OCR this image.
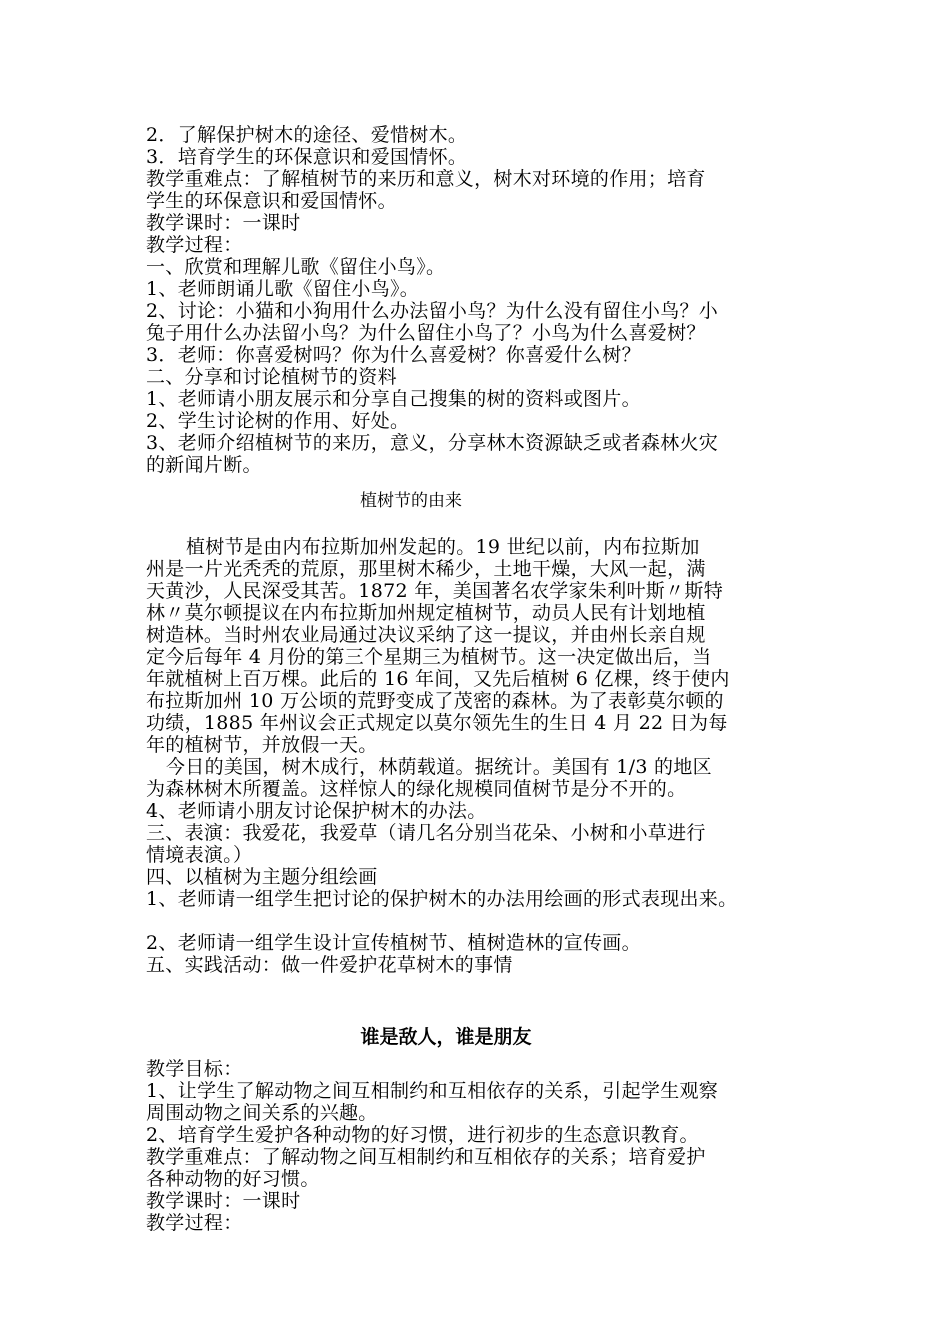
2．了解保护树木的途径、爱惜树木。
3．培育学生的环保意识和爱国情怀。
教学重难点：了解植树节的来历和意义，树木对环境的作用；培育
学生的环保意识和爱国情怀。
教学课时：一课时
教学过程：
一、欣赏和理解儿歌《留住小鸟》。
1、老师朗诵儿歌《留住小鸟》。
2、讨论：小猫和小狗用什么办法留小鸟？为什么没有留住小鸟？小
兔子用什么办法留小鸟？为什么留住小鸟了？小鸟为什么喜爱树？
3．老师：你喜爱树吗？你为什么喜爱树？你喜爱什么树？
二、分享和讨论植树节的资料
1、老师请小朋友展示和分享自己搜集的树的资料或图片。
2、学生讨论树的作用、好处。
3、老师介绍植树节的来历，意义，分享林木资源缺乏或者森林火灾
的新闻片断。
植树节的由来
植树节是由内布拉斯加州发起的。19 世纪以前，内布拉斯加
州是一片光秃秃的荒原，那里树木稀少，土地干燥，大风一起，满
天黄沙，人民深受其苦。1872 年，美国著名农学家朱利叶斯〃斯特
林〃莫尔顿提议在内布拉斯加州规定植树节，动员人民有计划地植
树造林。当时州农业局通过决议采纳了这一提议，并由州长亲自规
定今后每年 4 月份的第三个星期三为植树节。这一决定做出后，当
年就植树上百万棵。此后的 16 年间，又先后植树 6 亿棵，终于使内
布拉斯加州 10 万公顷的荒野变成了茂密的森林。为了表彰莫尔顿的
功绩，1885 年州议会正式规定以莫尔领先生的生日 4 月 22 日为每
年的植树节，并放假一天。
今日的美国，树木成行，林荫载道。据统计。美国有 1/3 的地区
为森林树木所覆盖。这样惊人的绿化规模同值树节是分不开的。
4、老师请小朋友讨论保护树木的办法。
三、表演：我爱花，我爱草（请几名分别当花朵、小树和小草进行
情境表演。）
四、以植树为主题分组绘画
1、老师请一组学生把讨论的保护树木的办法用绘画的形式表现出来。
2、老师请一组学生设计宣传植树节、植树造林的宣传画。
五、实践活动：做一件爱护花草树木的事情
谁是敌人，谁是朋友
教学目标：
1、让学生了解动物之间互相制约和互相依存的关系，引起学生观察
周围动物之间关系的兴趣。
2、培育学生爱护各种动物的好习惯，进行初步的生态意识教育。
教学重难点：了解动物之间互相制约和互相依存的关系；培育爱护
各种动物的好习惯。
教学课时：一课时
教学过程：
